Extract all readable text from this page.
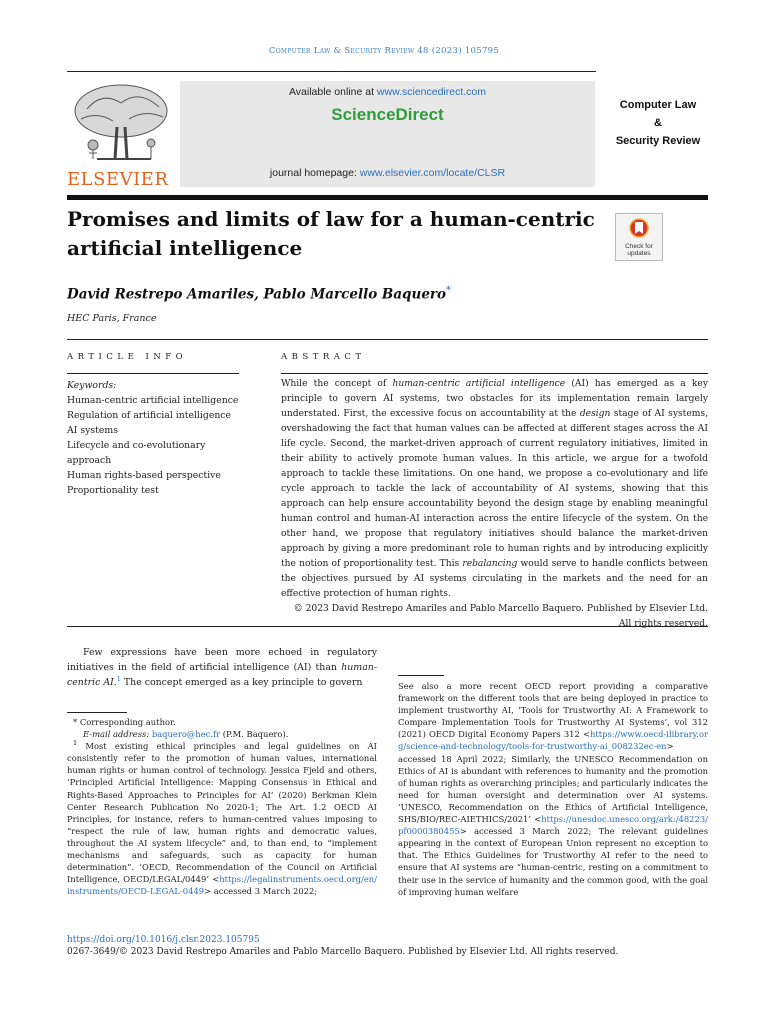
Computer Law & Security Review 48 (2023) 105795
ELSEVIER
Available online at www.sciencedirect.com
ScienceDirect
journal homepage: www.elsevier.com/locate/CLSR
Computer Law
&
Security Review
Promises and limits of law for a human-centric artificial intelligence	Check for
updates
David Restrepo Amariles, Pablo Marcello Baquero*
HEC Paris, France
ARTICLE INFO	ABSTRACT
Keywords:
Human-centric artificial intelligence
Regulation of artificial intelligence
AI systems
Lifecycle and co-evolutionary approach
Human rights-based perspective
Proportionality test
While the concept of human-centric artificial intelligence (AI) has emerged as a key principle to govern AI systems, two obstacles for its implementation remain largely understated. First, the excessive focus on accountability at the design stage of AI systems, overshadowing the fact that human values can be affected at different stages across the AI life cycle. Second, the market-driven approach of current regulatory initiatives, limited in their ability to actively promote human values. In this article, we argue for a twofold approach to tackle these limitations. On one hand, we propose a co-evolutionary and life cycle approach to tackle the lack of accountability of AI systems, showing that this approach can help ensure accountability beyond the design stage by enabling meaningful human control and human-AI interaction across the entire lifecycle of the system. On the other hand, we propose that regulatory initiatives should balance the market-driven approach by giving a more predominant role to human rights and by introducing explicitly the notion of proportionality test. This rebalancing would serve to handle conflicts between the objectives pursued by AI systems circulating in the markets and the need for an effective protection of human rights.
© 2023 David Restrepo Amariles and Pablo Marcello Baquero. Published by Elsevier Ltd. All rights reserved.
Few expressions have been more echoed in regulatory initiatives in the field of artificial intelligence (AI) than human-centric AI.$^1$ The concept emerged as a key principle to govern
* Corresponding author.
E-mail address: baquero@hec.fr (P.M. Baquero).
$^1$ Most existing ethical principles and legal guidelines on AI consistently refer to the promotion of human values, international human rights or human control of technology. Jessica Fjeld and others, ‘Principled Artificial Intelligence: Mapping Consensus in Ethical and Rights-Based Approaches to Principles for AI’ (2020) Berkman Klein Center Research Publication No 2020-1; The Art. 1.2 OECD AI Principles, for instance, refers to human-centred values imposing to “respect the rule of law, human rights and democratic values, throughout the AI system lifecycle” and, to than end, to “implement mechanisms and safeguards, such as capacity for human determination”. ‘OECD, Recommendation of the Council on Artificial Intelligence, OECD/LEGAL/0449’ <https://legalinstruments.oecd.org/en/instruments/OECD-LEGAL-0449> accessed 3 March 2022;
See also a more recent OECD report providing a comparative framework on the different tools that are being deployed in practice to implement trustworthy AI, ‘Tools for Trustworthy AI: A Framework to Compare Implementation Tools for Trustworthy AI Systems’, vol 312 (2021) OECD Digital Economy Papers 312 <https://www.oecd-ilibrary.org/science-and-technology/tools-for-trustworthy-ai_008232ec-en> accessed 18 April 2022; Similarly, the UNESCO Recommendation on Ethics of AI is abundant with references to humanity and the promotion of human rights as overarching principles; and particularly indicates the need for human oversight and determination over AI systems. ‘UNESCO, Recommendation on the Ethics of Artificial Intelligence, SHS/BIO/REC-AIETHICS/2021’ <https://unesdoc.unesco.org/ark:/48223/pf0000380455> accessed 3 March 2022; The relevant guidelines appearing in the context of European Union represent no exception to that. The Ethics Guidelines for Trustworthy AI refer to the need to ensure that AI systems are “human-centric, resting on a commitment to their use in the service of humanity and the common good, with the goal of improving human welfare
https://doi.org/10.1016/j.clsr.2023.105795
0267-3649/© 2023 David Restrepo Amariles and Pablo Marcello Baquero. Published by Elsevier Ltd. All rights reserved.
